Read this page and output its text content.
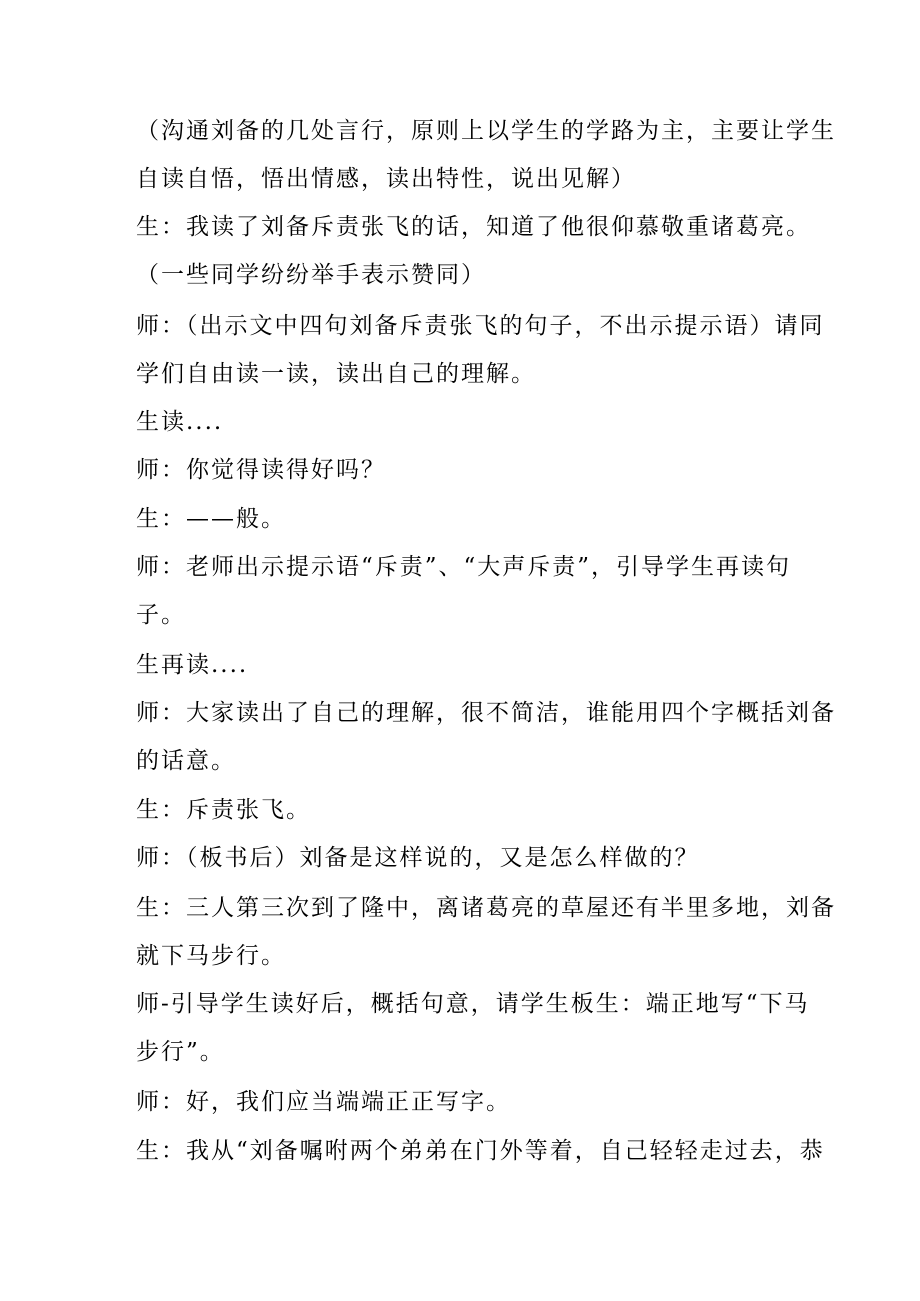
（沟通刘备的几处言行，原则上以学生的学路为主，主要让学生
自读自悟，悟出情感，读出特性，说出见解）
生：我读了刘备斥责张飞的话，知道了他很仰慕敬重诸葛亮。
（一些同学纷纷举手表示赞同）
师：（出示文中四句刘备斥责张飞的句子，不出示提示语）请同
学们自由读一读，读出自己的理解。
生读....
师：你觉得读得好吗？
生：——般。
师：老师出示提示语“斥责”、“大声斥责”，引导学生再读句
子。
生再读....
师：大家读出了自己的理解，很不简洁，谁能用四个字概括刘备
的话意。
生：斥责张飞。
师：（板书后）刘备是这样说的，又是怎么样做的？
生：三人第三次到了隆中，离诸葛亮的草屋还有半里多地，刘备
就下马步行。
师-引导学生读好后，概括句意，请学生板生：端正地写“下马
步行”。
师：好，我们应当端端正正写字。
生：我从“刘备嘱咐两个弟弟在门外等着，自己轻轻走过去，恭
